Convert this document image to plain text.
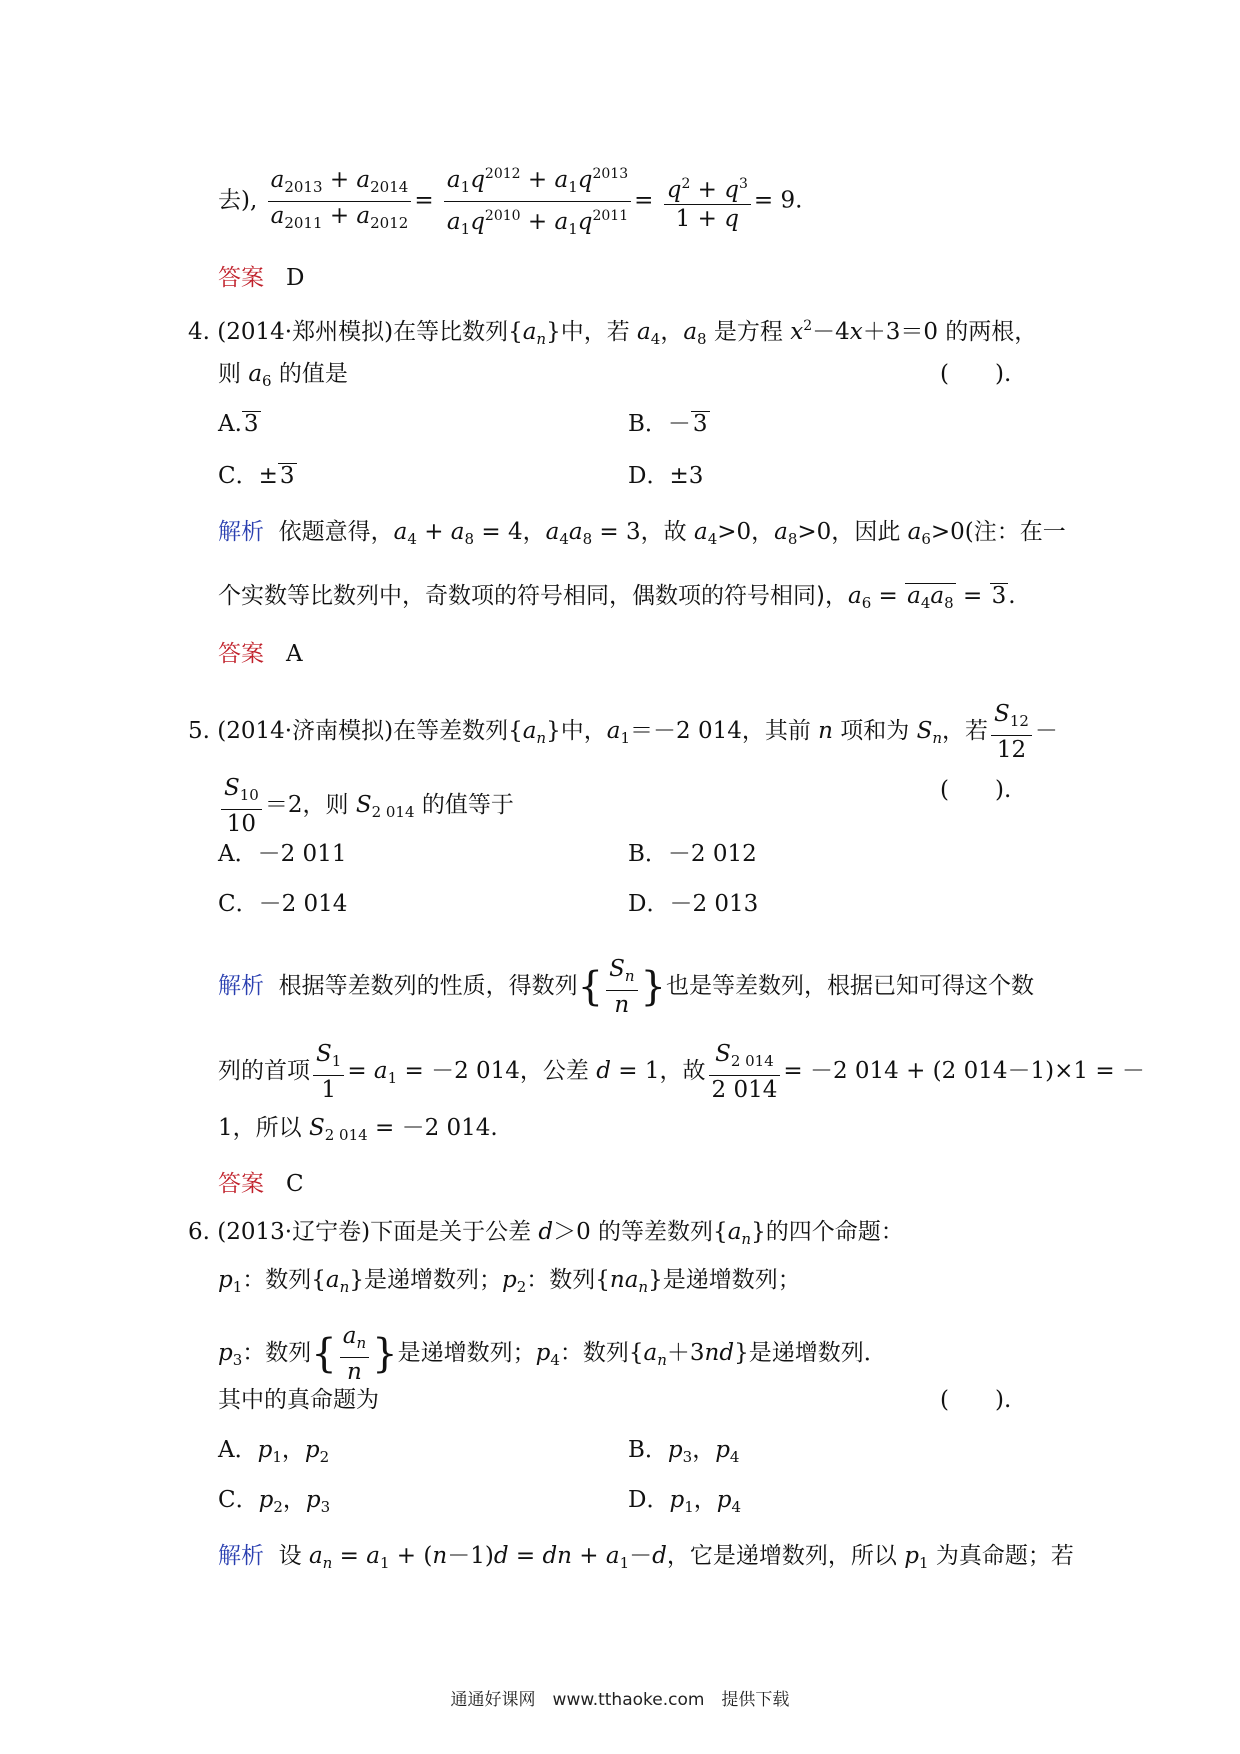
去), $\frac{a_{2013} + a_{2014}}{a_{2011} + a_{2012}} = \frac{a_1q^{2012} + a_1q^{2013}}{a_1q^{2010} + a_1q^{2011}} = \frac{q^2 + q^3}{1 + q} = 9$.
答案 D
4. (2014·郑州模拟)在等比数列$\{a_n\}$中，若 $a_4$，$a_8$ 是方程 $x^2-4x+3=0$ 的两根，
则 $a_6$ 的值是	(　　).
A.3	B．－3
C．±3	D．±3
解析 依题意得，$a_4 + a_8 = 4$，$a_4a_8 = 3$，故 $a_4>0$，$a_8>0$，因此 $a_6>0$(注：在一
个实数等比数列中，奇数项的符号相同，偶数项的符号相同)，$a_6 = a_4a_8 = 3$.
答案 A
5. (2014·济南模拟)在等差数列$\{a_n\}$中，$a_1=-2$ 014，其前 n 项和为 $S_n$，若 $\frac{S_{12}}{12}$ －
$\frac{S_{10}}{10} =2$，则 $S_{2 014}$ 的值等于
(　　).
A．－2 011	B．－2 012
C．－2 014	D．－2 013
解析 根据等差数列的性质，得数列{ $\frac{S_n}{n}$ }也是等差数列，根据已知可得这个数
列的首项 $\frac{S_1}{1} = a_1 = -2$ 014，公差 d = 1，故 $\frac{S_{2 014}}{2 014} = -2$ 014 + (2 014－1)×1 = －
1，所以 $S_{2 014} = -2$ 014.
答案 C
6. (2013·辽宁卷)下面是关于公差 d＞0 的等差数列$\{a_n\}$的四个命题：
$p_1$：数列$\{a_n\}$是递增数列；$p_2$：数列$\{na_n\}$是递增数列；
$p_3$：数列{ $\frac{a_n}{n}$ }是递增数列；$p_4$：数列$\{a_n+3nd\}$是递增数列．
其中的真命题为	(　　).
A．$p_1$，$p_2$	B．$p_3$，$p_4$
C．$p_2$，$p_3$	D．$p_1$，$p_4$
解析 设 $a_n = a_1 + (n-1)d$ = dn + $a_1-d$，它是递增数列，所以 $p_1$ 为真命题；若
通通好课网　www.tthaoke.com　提供下载
